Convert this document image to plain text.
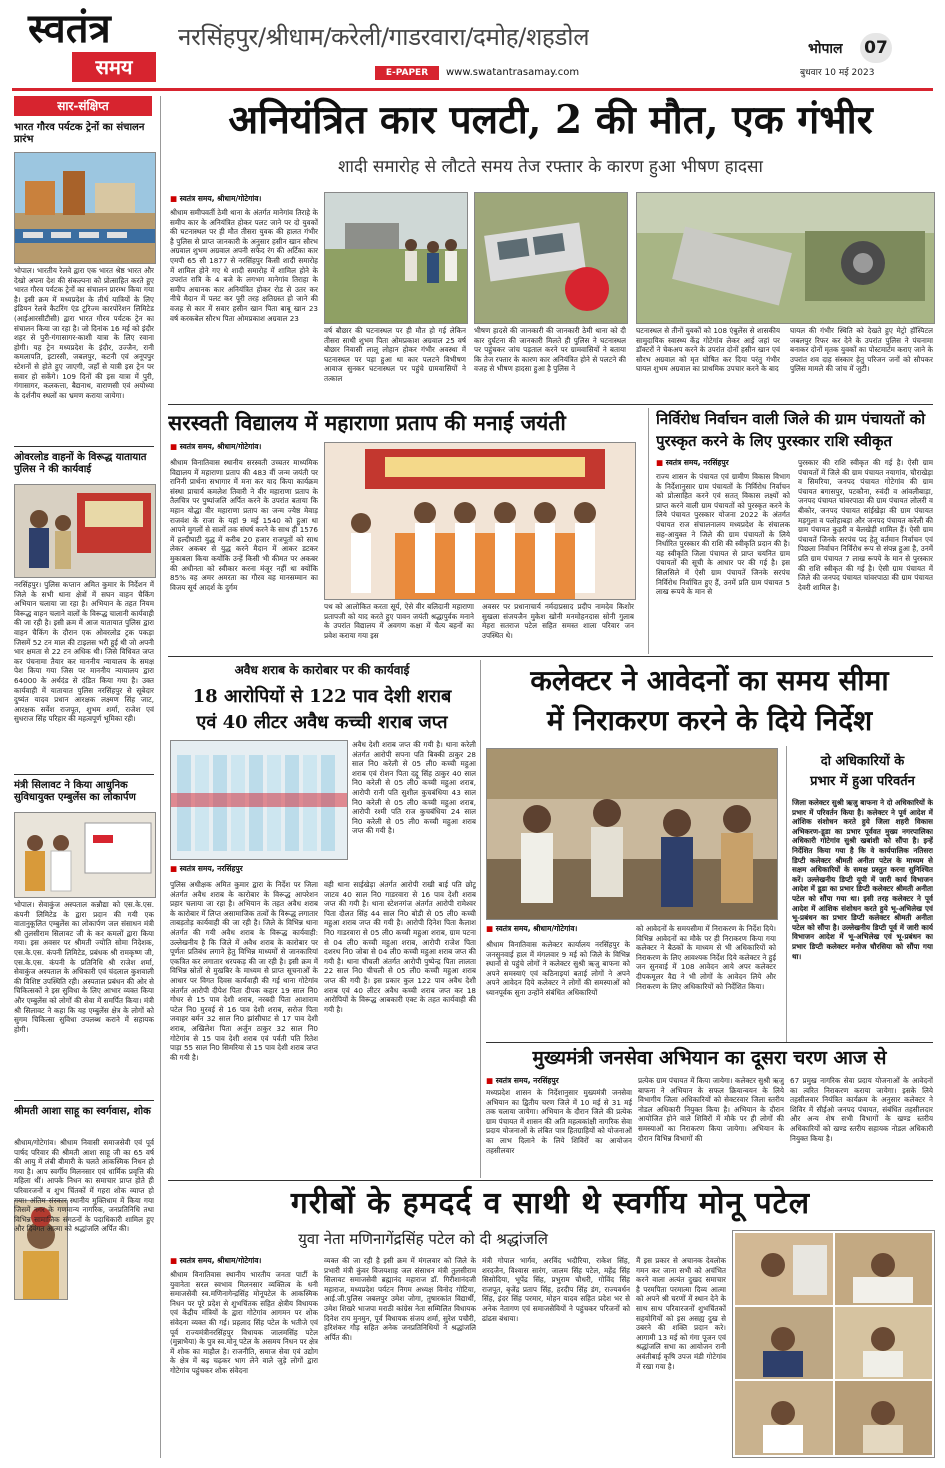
स्वतंत्र
समय
नरसिंहपुर/श्रीधाम/करेली/गाडरवारा/दमोह/शहडोल
E-PAPER	www.swatantrasamay.com
भोपाल 07
बुधवार 10 मई 2023
सार-संक्षिप्त
भारत गौरव पर्यटक ट्रेनों का संचालन प्रारंभ
भोपाल। भारतीय रेलवे द्वारा एक भारत श्रेष्ठ भारत और देखो अपना देश की संकल्पना को प्रोत्साहित करते हुए भारत गौरव पर्यटक ट्रेनों का संचालन प्रारम्भ किया गया है। इसी क्रम में मध्यप्रदेश के तीर्थ यात्रियों के लिए इंडियन रेलवे कैटरिंग एंड टूरिज्म कारपोरेशन लिमिटेड (आईआरसीटीसी) द्वारा भारत गौरव पर्यटक ट्रेन का संचालन किया जा रहा है। जो दिनांक 16 मई को इंदौर शहर से पुरी-गंगासागर-काशी यात्रा के लिए रवाना होगी। यह ट्रेन मध्यप्रदेश के इंदौर, उज्जैन, रानी कमलापति, इटारसी, जबलपुर, कटनी एवं अनूपपुर स्टेशनों से होते हुए जाएगी, जहाँ से यात्री इस ट्रेन पर सवार हो सकेंगे। 109 दिनों की इस यात्रा में पुरी, गंगासागर, कलकत्ता, बैद्यनाथ, वाराणसी एवं अयोध्या के दर्शनीय स्थलों का भ्रमण कराया जायेगा।
ओवरलोड वाहनों के विरूद्ध यातायात पुलिस ने की कार्यवाई
नरसिंहपुर। पुलिस कप्तान अमित कुमार के निर्देशन में जिले के सभी थाना क्षेत्रों में सघन वाहन चैकिंग अभियान चलाया जा रहा है। अभियान के तहत नियम विरूद्ध वाहन चलाने वालों के विरूद्ध चालानी कार्यवाही की जा रही है। इसी क्रम में आज यातायात पुलिस द्वारा वाहन चैकिंग के दौरान एक ओवरलोड ट्रक पकड़ा जिसमें 52 टन माल की टाइलस भरी हुई थी जो अपनी भार क्षमता से 22 टन अधिक थी। जिसे विधिवत जप्त कर पंचनामा तैयार कर माननीय न्यायालय के समक्ष पेश किया गया जिस पर माननीय न्यायालय द्वारा 64000 के अर्थदंड से दंडित किया गया है। उक्त कार्यवाही में यातायात पुलिस नरसिंहपुर से सूबेदार दुष्यंत यादव प्रधान आरक्षक लक्ष्मण सिंह जाट, आरक्षक सर्वेश राजपूत, शुभम शर्मा, राजेश एवं सुधराज सिंह परिहार की महत्वपूर्ण भूमिका रही।
मंत्री सिलावट ने किया आधुनिक सुविधायुक्त एम्बुलेंस का लोकार्पण
भोपाल। सेवाकुंज अस्पताल कन्नौद्या को एस.के.एस. कंपनी लिमिटेड के द्वारा प्रदान की गयी एक वातानुकूलित एम्बुलेंस का लोकार्पण जल संसाधन मंत्री श्री तुलसीराम सिलावट जी के कर कमलों द्वारा किया गया। इस अवसर पर श्रीमती ज्योति सोमा निदेशक, एस.के.एस. कंपनी लिमिटेड, प्रबंधक श्री रामकृष्ण जी, एस.के.एस. कंपनी के प्रतिनिधि श्री राजेश शर्मा, सेवाकुंज अस्पताल के अधिकारी एवं चंदलाल कुशवाली की विशिष्ट उपस्थिति रही। अस्पताल प्रबंधन की ओर से चिकित्सकों ने इस सुविधा के लिए आभार व्यक्त किया और एम्बुलेंस को लोगों की सेवा में समर्पित किया। मंत्री श्री सिलावट ने कहा कि यह एम्बुलेंस क्षेत्र के लोगों को सुगम चिकित्सा सुविधा उपलब्ध कराने में सहायक होगी।
श्रीमती आशा साहू का स्वर्गवास, शोक
श्रीधाम/गोटेगांव। श्रीधाम निवासी समाजसेवी एवं पूर्व पार्षद परिवार की श्रीमती आशा साहू जी का 65 वर्ष की आयु में लंबी बीमारी के चलते आकस्मिक निधन हो गया है। आप स्वर्गीय मिलनसार एवं धार्मिक प्रवृत्ति की महिला थीं। आपके निधन का समाचार प्राप्त होते ही परिवारजनों व शुभ चिंतकों में गहरा शोक व्याप्त हो गया। अंतिम संस्कार स्थानीय मुक्तिधाम में किया गया जिसमें नगर के गणमान्य नागरिक, जनप्रतिनिधि तथा विभिन्न सामाजिक संगठनों के पदाधिकारी शामिल हुए और दिवंगत आत्मा को श्रद्धांजलि अर्पित की।
अनियंत्रित कार पलटी, 2 की मौत, एक गंभीर
शादी समारोह से लौटते समय तेज रफ्तार के कारण हुआ भीषण हादसा
■ स्वतंत्र समय, श्रीधाम/गोटेगांव।
श्रीधाम समीपवर्ती ठेमी थाना के अंतर्गत मानेगांव तिराहे के समीप कार के अनियंत्रित होकर पलट जाने पर दो युवकों की घटनास्थल पर ही मौत तीसरा युवक की हालत गंभीर है पुलिस से प्राप्त जानकारी के अनुसार हसीन खान सौरभ अग्रवाल शुभम अग्रवाल अपनी सफेद रंग की अर्टिका कार एमपी 65 सी 1877 से नरसिंहपुर किसी शादी समारोह में शामिल होने गए थे शादी समारोह में शामिल होने के उपरांत रात्रि के 4 बजे के लगभग मानेगांव तिराहा के समीप अचानक कार अनियंत्रित होकर रोड से उतर कर नीचे मैदान में पलट कर पूरी तरह क्षतिग्रस्त हो जाने की वजह से कार में सवार हसीन खान पिता बाबू खान 23 वर्ष करकबेल सौरभ पिता ओमप्रकाश अग्रवाल 23
वर्ष बौछार की घटनास्थल पर ही मौत हो गई लेकिन तीसरा साथी शुभम पिता ओमप्रकाश अग्रवाल 25 वर्ष बौछार निवासी लालू लोहान होकर गंभीर अवस्था में घटनास्थल पर पड़ा हुआ था कार पलटने विभीषण आवाज सुनकर घटनास्थल पर पहुंचे ग्रामवासियों ने तत्काल
भीषण हादसे की जानकारी की जानकारी ठेमी थाना को दी कार दुर्घटना की जानकारी मिलते ही पुलिस ने घटनास्थल पर पहुंचकर जांच पड़ताल करने पर ग्रामवासियों ने बताया कि तेज रफ्तार के कारण कार अनियंत्रित होने से पलटने की वजह से भीषण हादसा हुआ है पुलिस ने
घटनास्थल से तीनों युवकों को 108 एंबुलेंस से शासकीय सामुदायिक स्वास्थ्य केंद्र गोटेगांव लेकर आई जहां पर डॉक्टरों ने चेकअप करने के उपरांत दोनों हसीन खान एवं सौरभ अग्रवाल को मृत घोषित कर दिया परंतु गंभीर घायल शुभम अग्रवाल का प्राथमिक उपचार करने के बाद
घायल की गंभीर स्थिति को देखते हुए मेट्रो हॉस्पिटल जबलपुर रिफर कर देने के उपरांत पुलिस ने पंचनामा बनाकर दोनों मृतक युवकों का पोस्टमार्टम कराए जाने के उपरांत शव दाह संस्कार हेतु परिजन जनों को सौपकर पुलिस मामले की जांच में जुटी।
सरस्वती विद्यालय में महाराणा प्रताप की मनाई जयंती
■ स्वतंत्र समय, श्रीधाम/गोटेगांव।
श्रीधाम विनातिवास स्थानीय सरस्वती उच्चतर माध्यमिक विद्यालय में महाराणा प्रताप की 483 वीं जन्म जयंती पर रानिनी प्रार्थना सभागार में मना कर याद किया कार्यक्रम संस्था प्राचार्य कमलेश तिवारी ने वीर महाराणा प्रताप के तैलचित्र पर पुष्पांजलि अर्पित करने के उपरांत बताया कि महान योद्धा वीर महाराणा प्रताप का जन्म ज्येष्ठ मेवाड़ राजवंश के राजा के यहां 9 मई 1540 को हुआ था आपने मुगलों से सालों तक संघर्ष करने के साथ ही 1576 में हल्दीघाटी युद्ध में करीब 20 हजार राजपूतों को साथ लेकर अकबर से युद्ध करने मैदान में आकर डटकर मुकाबला किया कयोंकि उन्हें किसी भी कीमत पर अकबर की अधीनता को स्वीकार करना मंजूर नहीं था क्योंकि 85% वह अमर अमरता का गौरव वह मानसम्मान का विजय सूर्य आदर्श के दुर्गम
पथ को आलोकित करता सूर्य, ऐसे वीर बलिदानी महाराणा प्रतापजी को याद करते हुए पावन जयंती श्रद्धापुर्वक मनाने के उपरांत विद्यालय में अवगण कक्षा में चैत्य बहनों का प्रवेश कराया गया इस
अवसर पर प्रधानाचार्य नर्मदाप्रसाद प्रदीप नामदेव किशोर सुखला संजयजैन मुकेश खोनी मनमोहनदास सोनी गुलाब मेहरा सतराज पटेल सहित समस्त शाला परिवार जन उपस्थित थे।
निर्विरोध निर्वाचन वाली जिले की ग्राम पंचायतों को
पुरस्कृत करने के लिए पुरस्कार राशि स्वीकृत
■ स्वतंत्र समय, नरसिंहपुर
राज्य शासन के पंचायत एवं ग्रामीण विकास विभाग के निर्देशानुसार ग्राम पंचायतों के निर्विरोध निर्वाचन को प्रोत्साहित करने एवं सतत् विकास लक्ष्यों को प्राप्त करने वाली ग्राम पंचायतों को पुरस्कृत करने के लिये पंचायत पुरस्कार योजना 2022 के अंतर्गत पंचायत राज संचालनालय मध्यप्रदेश के संचालक सह-आयुक्त ने जिले की ग्राम पंचायतों के लिये निर्धारित पुरस्कार की राशि की स्वीकृति प्रदान की है। यह स्वीकृति जिला पंचायत से प्राप्त चयनित ग्राम पंचायतों की सूची के आधार पर की गई है। इस सिलसिले में ऐसी ग्राम पंचायतें जिनके सरपंच निर्विरोध निर्वाचित हुए हैं, उनमें प्रति ग्राम पंचायत 5 लाख रूपये के मान से
पुरस्कार की राशि स्वीकृत की गई है। ऐसी ग्राम पंचायतों में जिले की ग्राम पंचायत नयागांव, चौराखेड़ा व सिमरिया, जनपद पंचायत गोटेगांव की ग्राम पंचायत बगासपुर, पटकौना, रुवंदी व आंवलीबाड़ा, जनपद पंचायत चांवरपाठा की ग्राम पंचायत लोलरी व बीकोर, जनपद पंचायत सांईखेड़ा की ग्राम पंचायत मड़गुला व पलोहाबड़ा और जनपद पंचायत करेली की ग्राम पंचायत कुड़री व बेलखेड़ी शामिल हैं। ऐसी ग्राम पंचायतें जिनके सरपंच पद हेतु वर्तमान निर्वाचन एवं पिछला निर्वाचन निर्विरोध रूप से संपन्न हुआ है, उनमें प्रति ग्राम पंचायत 7 लाख रूपये के मान से पुरस्कार की राशि स्वीकृत की गई है। ऐसी ग्राम पंचायत में जिले की जनपद पंचायत चांवरपाठा की ग्राम पंचायत देवरी शामिल है।
अवैध शराब के कारोबार पर की कार्यवाई
18 आरोपियों से 122 पाव देशी शराब
एवं 40 लीटर अवैध कच्ची शराब जप्त
अवैध देशी शराब जप्त की गयी है। थाना करेली अंतर्गत आरोपी सपना पति बिक्की ठाकुर 28 साल नि0 करेली से 05 ली0 कच्ची महुआ शराब एवं रोशन पिता दद्दू सिंह ठाकुर 40 साल नि0 करेली से 05 ली0 कच्ची महुआ शराब, आरोपी रानी पति सुशील कुचबंधिया 43 साल नि0 करेली से 05 ली0 कच्ची महुआ शराब, आरोपी रश्मी पति राज कुचबंधिया 24 साल नि0 करेली से 05 ली0 कच्ची महुआ शराब जप्त की गयी है।
■ स्वतंत्र समय, नरसिंहपुर
पुलिस अधीक्षक अमित कुमार द्वारा के निर्देश पर जिला अंतर्गत अवैध शराब के कारोबार के विरूद्ध आपरेशन प्रहार चलाया जा रहा है। अभियान के तहत अवैध शराब के कारोबार में लिप्त असामाजिक तत्वों के विरूद्ध लगातार ताबड़तोड़ कार्यवाही की जा रही है। जिले के विभिन्न थाना अंतर्गत की गयी अवैध शराब के विरूद्ध कार्यवाही: उल्लेखनीय है कि जिले में अवैध शराब के कारोबार पर पूर्णतः प्रतिबंध लगाने हेतु विभिन्न माध्यमों से जानकारियां एकत्रित कर लगातार धरपकड़ की जा रही है। इसी क्रम में विभिन्न स्रोतों से मुखबिर के माध्यम से प्राप्त सूचनाओं के आधार पर विगत दिवस कार्यवाही की गई थाना गोटेगांव अंतर्गत आरोपी दीपेश पिता दीपक कहार 19 साल नि0 गोधर से 15 पाव देशी शराब, नरबदी पिता आशाराम पटेल नि0 मुरवई से 16 पाव देशी शराब, सरोज पिता जवाहर बर्मन 32 साल नि0 झांसीघाट से 17 पाव देशी शराब, अखिलेश पिता अर्जुन ठाकुर 32 साल नि0 गोटेगांव से 15 पाव देशी शराब एवं पर्वती पति रितेश पाड़ा 55 साल नि0 सिमरिया से 15 पाव देशी शराब जप्त की गयी है।
वही थाना साईखेड़ा अंतर्गत आरोपी राखी बाई पति छोटू जाटव 40 साल नि0 गाडरवारा से 16 पाव देशी शराब जप्त की गयी है। थाना स्टेशनगंज अंतर्गत आरोपी रामेश्वर पिता दौलत सिंह 44 साल नि0 बोडी से 05 ली0 कच्ची महुआ शराब जप्त की गयी है। आरोपी दिनेश पिता कैलाश नि0 गाडरवारा से 05 ली0 कच्ची महुआ शराब, ग्राम पटना से 04 ली0 कच्ची महुआ शराब, आरोपी राजेश पिता दशरथ नि0 जोबा से 04 ली0 कच्ची महुआ शराब जप्त की गयी है। थाना चीचली अंतर्गत आरोपी पुष्पेन्द्र पिता लालता 22 साल नि0 चीचली से 05 ली0 कच्ची महुआ शराब जप्त की गयी है। इस प्रकार कुल 122 पाव अवैध देशी शराब एवं 40 लीटर अवैध कच्ची शराब जप्त कर 18 आरोपियों के विरूद्ध आबकारी एक्ट के तहत कार्यवाही की गयी है।
कलेक्टर ने आवेदनों का समय सीमा
में निराकरण करने के दिये निर्देश
■ स्वतंत्र समय, श्रीधाम/गोटेगांव।
श्रीधाम विनातिवास कलेक्टर कार्यालय नरसिंहपुर के जनसुनवाई हाल में मंगलवार 9 मई को जिले के विभिन्न स्थानों से पहुंचे लोगों ने कलेक्टर सुश्री ऋजु बाफना को अपने समस्याएं एवं कठिनाइयां बताई लोगों ने अपने अपने आवेदन दिये कलेक्टर ने लोगों की समस्याओं को ध्यानपूर्वक सुना उन्होंने संबंधित अधिकारियों
को आवेदनों के समयसीमा में निराकरण के निर्देश दिये। विभिन्न आवेदनों का मौके पर ही निराकरण किया गया कलेक्टर ने बैठकों के माध्यम से भी अधिकारियों को निराकरण के लिए आवश्यक निर्देश दिये कलेक्टर ने हुई जन सुनवाई में 108 आवेदन आये अपर कलेक्टर दीपकमूलर वैद्य ने भी लोगों के आवेदन लिये और निराकरण के लिए अधिकारियों को निर्देशित किया।
दो अधिकारियों के
प्रभार में हुआ परिवर्तन
जिला कलेक्टर सुश्री ऋजु बाफना ने दो अधिकारियों के प्रभार में परिवर्तन किया है। कलेक्टर ने पूर्व आदेश में आंशिक संशोधन करते हुये जिला शहरी विकास अभिकरण-डूडा का प्रभार पूर्ववत मुख्य नगरपालिका अधिकारी गोटेगांव सुश्री खबांशी को सौंपा है। इन्हें निर्देशित किया गया है कि वे कार्यपालिक नतिसरा डिप्टी कलेक्टर श्रीमती अनीता पटेल के माध्यम से सक्षम अधिकारियों के समक्ष प्रस्तुत करना सुनिश्चित करें। उल्लेखनीय डिप्टी यूपी में जारी कार्य विभाजन आदेश में डूडा का प्रभार डिप्टी कलेक्टर श्रीमती अनीता पटेल को सौंपा गया था। इसी तरह कलेक्टर ने पूर्व आदेश में आंशिक संशोधन करते हुये भू-अभिलेख एवं भू-प्रबंधन का प्रभार डिप्टी कलेक्टर श्रीमती अनीता पटेल को सौंपा है। उल्लेखनीय डिप्टी पूर्व में जारी कार्य विभाजन आदेश में भू-अभिलेख एवं भू-प्रबंधन का प्रभार डिप्टी कलेक्टर मनोज चौरसिया को सौंपा गया था।
मुख्यमंत्री जनसेवा अभियान का दूसरा चरण आज से
■ स्वतंत्र समय, नरसिंहपुर
मध्यप्रदेश शासन के निर्देशानुसार मुख्यमंत्री जनसेवा अभियान का द्वितीय चरण जिले में 10 मई से 31 मई तक चलाया जायेगा। अभियान के दौरान जिले की प्रत्येक ग्राम पंचायत में शासन की अति महत्वकांक्षी नागरिक सेवा प्रदाय योजनाओं के लंबित पात्र हितग्राहियों को योजनाओं का लाभ दिलाने के लिये शिविरों का आयोजन तहसीलवार
प्रत्येक ग्राम पंचायत में किया जायेगा। कलेक्टर सुश्री ऋजु बाफना ने अभियान के सफल क्रियान्वयन के लिये विभागीय जिला अधिकारियों को सेक्टरवार जिला स्तरीय नोडल अधिकारी नियुक्त किया है। अभियान के दौरान आयोजित होने वाले शिविरों में मौके पर ही लोगों की समस्याओं का निराकरण किया जायेगा। अभियान के दौरान विभिन्न विभागों की
67 प्रमुख नागरिक सेवा प्रदाय योजनाओं के आवेदनों का त्वरित निराकरण कराया जायेगा। इसके लिये तहसीलवार नियंत्रित कार्यक्रम के अनुसार कलेक्टर ने शिविर में सीईओ जनपद पंचायत, संबंधित तहसीलदार और अन्य शेष सभी विभागों के खण्ड स्तरीय अधिकारियों को खण्ड स्तरीय सहायक नोडल अधिकारी नियुक्त किया है।
गरीबों के हमदर्द व साथी थे स्वर्गीय मोनू पटेल
युवा नेता मणिनागेंद्रसिंह पटेल को दी श्रद्धांजलि
■ स्वतंत्र समय, श्रीधाम/गोटेगांव।
श्रीधाम विनातिवास स्थानीय भारतीय जनता पार्टी के युवानेता सरल स्वभाव मिलनसार व्यक्तित्व के धनी समाजसेवी स्व.मणिनागेन्द्रसिंह मोनूपटेल के आकस्मिक निधन पर पूरे प्रदेश से शुभचिंतक सहित क्षेत्रीय विधायक एवं केंद्रीय मंत्रियों के द्वारा गोटेगांव आगमन पर शोक संवेदना व्यक्त की गई। प्रहलाद सिंह पटेल के भतीजे एवं पूर्व राज्यमंत्रीनरसिंहपुर विधायक जालमसिंह पटेल (मुन्नाभैया) के पुत्र स्व.मोनू पटेल के असमय निधन पर क्षेत्र में शोक का माहौल है। राजनीति, समाज सेवा एवं उद्योग के क्षेत्र में बढ़ चढ़कर भाग लेने वाले जुड़े लोगों द्वारा गोटेगांव पहुंचकर शोक संवेदना
व्यक्त की जा रही है इसी क्रम में मंगलवार को जिले के प्रभारी मंत्री कुंवर विजयशाह जल संसाधन मंत्री तुलसीराम सिलावट समाजसेवी ब्रह्मानंद महाराज डॉ. गिरीशानंदजी महाराज, मध्यप्रदेश पर्यटन निगम अध्यक्ष विनोद गोटिया, आई.जी.पुलिस जबलपुर उमेश जोगा, तुषारकांत विद्यार्थी, उमेश शिखरे भाजपा मराठी कांग्रेस नेता सम्मिलित विधायक दिनेश राय मुनमुन, पूर्व विधायक संजय शर्मा, सुरेश पचौरी, हरिशंकर गौड़ सहित अनेक जनप्रतिनिधियों ने श्रद्धांजलि अर्पित की।
मंत्री गोपाल भार्गव, अरविंद भदौरिया, राकेश सिंह, शरदजैन, विश्वास सारंग, जालम सिंह पटेल, महेंद्र सिंह सिसोदिया, भूपेंद्र सिंह, प्रभुराम चौधरी, गोविंद सिंह राजपूत, बृजेंद्र प्रताप सिंह, हरदीप सिंह डंग, राज्यवर्धन सिंह, इंदर सिंह परमार, मोहन यादव सहित प्रदेश भर से अनेक नेतागण एवं समाजसेवियों ने पहुंचकर परिजनों को ढांढस बंधाया।
मैं इस प्रकार से अचानक देवलोक गमन कर जाना सभी को अचंभित करने वाला अत्यंत दुखद समाचार है परमपिता परमात्मा दिव्य आत्मा को अपने श्री चरणों में स्थान देने के साथ साथ परिवारजनों शुभचिंतकों सहयोगियों को इस असह्य दुख से उबरने की शक्ति प्रदान करे। आगामी 13 मई को गंगा पूजन एवं श्रद्धांजलि सभा का आयोजन रानी अवंतीबाई कृषि उपज मंडी गोटेगांव में रखा गया है।
